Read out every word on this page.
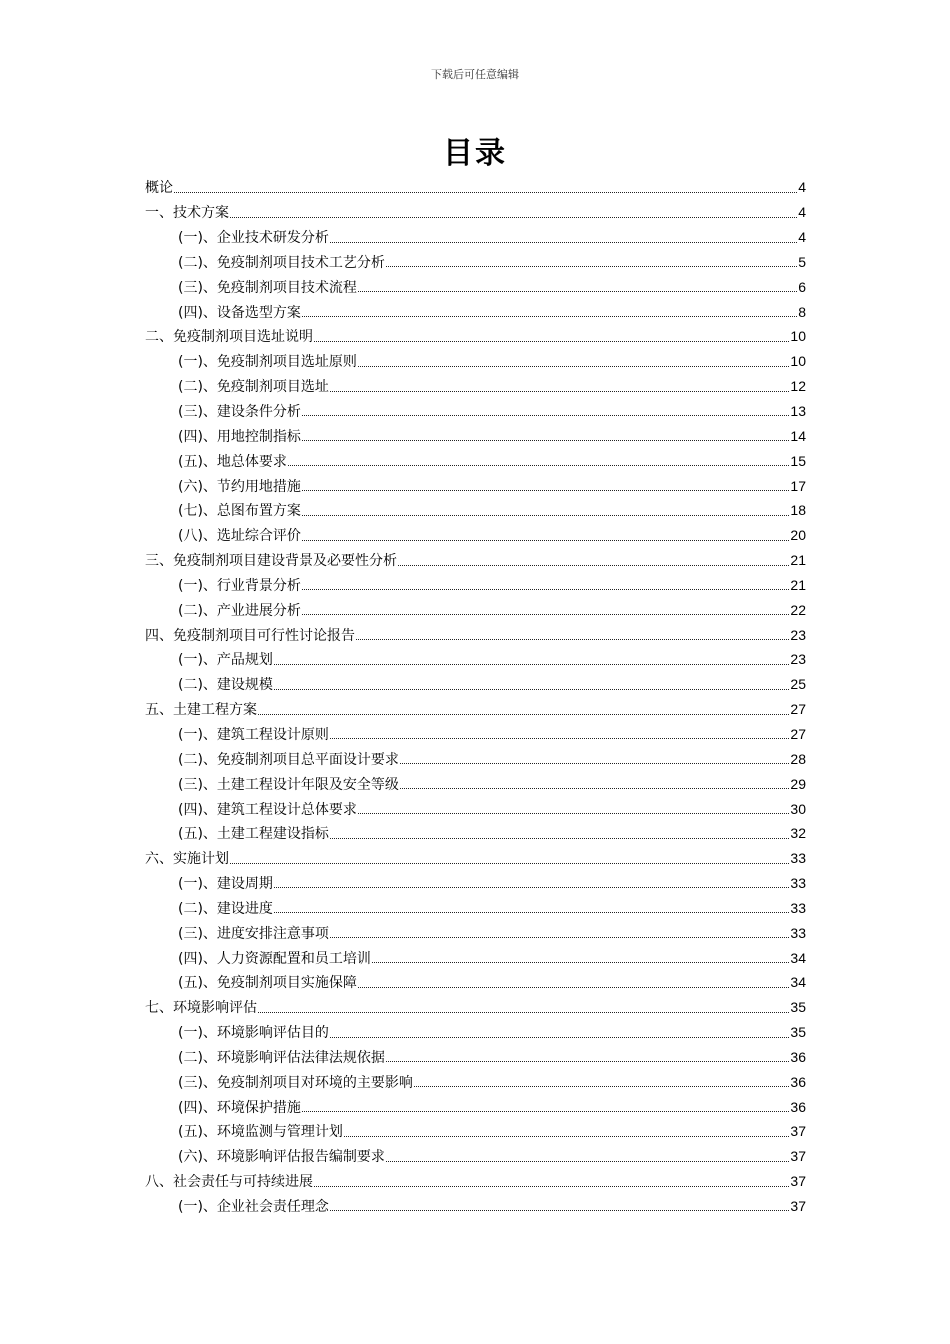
下载后可任意编辑
目录
概论	4
一、技术方案	4
(一)、企业技术研发分析	4
(二)、免疫制剂项目技术工艺分析	5
(三)、免疫制剂项目技术流程	6
(四)、设备选型方案	8
二、免疫制剂项目选址说明	10
(一)、免疫制剂项目选址原则	10
(二)、免疫制剂项目选址	12
(三)、建设条件分析	13
(四)、用地控制指标	14
(五)、地总体要求	15
(六)、节约用地措施	17
(七)、总图布置方案	18
(八)、选址综合评价	20
三、免疫制剂项目建设背景及必要性分析	21
(一)、行业背景分析	21
(二)、产业进展分析	22
四、免疫制剂项目可行性讨论报告	23
(一)、产品规划	23
(二)、建设规模	25
五、土建工程方案	27
(一)、建筑工程设计原则	27
(二)、免疫制剂项目总平面设计要求	28
(三)、土建工程设计年限及安全等级	29
(四)、建筑工程设计总体要求	30
(五)、土建工程建设指标	32
六、实施计划	33
(一)、建设周期	33
(二)、建设进度	33
(三)、进度安排注意事项	33
(四)、人力资源配置和员工培训	34
(五)、免疫制剂项目实施保障	34
七、环境影响评估	35
(一)、环境影响评估目的	35
(二)、环境影响评估法律法规依据	36
(三)、免疫制剂项目对环境的主要影响	36
(四)、环境保护措施	36
(五)、环境监测与管理计划	37
(六)、环境影响评估报告编制要求	37
八、社会责任与可持续进展	37
(一)、企业社会责任理念	37
